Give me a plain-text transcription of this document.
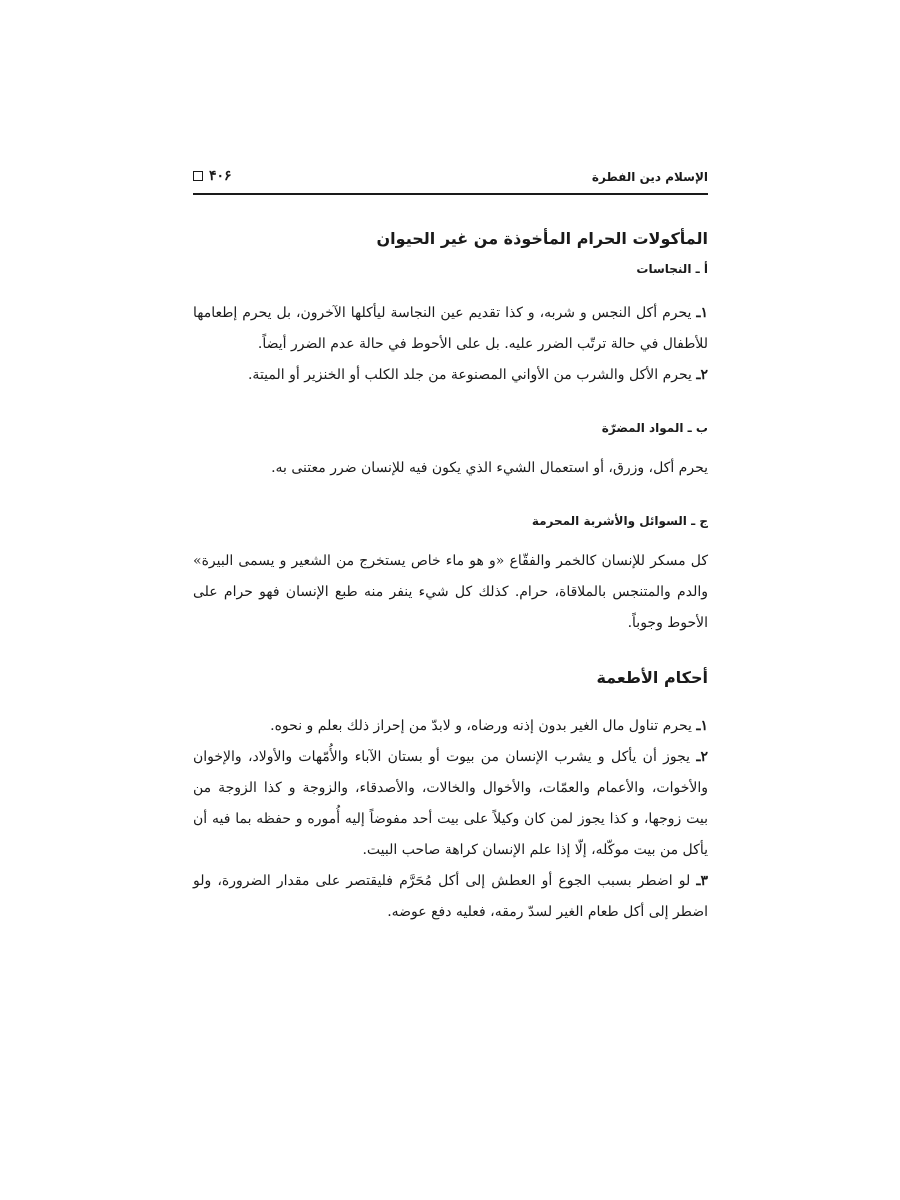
الإسلام دين الفطرة
۴۰۶
المأكولات الحرام المأخوذة من غير الحيوان
أ ـ النجاسات

١ـ يحرم أكل النجس و شربه، و كذا تقديم عين النجاسة ليأكلها الآخرون، بل يحرم إطعامها للأطفال في حالة ترتّب الضرر عليه. بل على الأحوط في حالة عدم الضرر أيضاً.

٢ـ يحرم الأكل والشرب من الأواني المصنوعة من جلد الكلب أو الخنزير أو الميتة.

ب ـ المواد المضرّة

يحرم أكل، وزرق، أو استعمال الشيء الذي يكون فيه للإنسان ضرر معتنى به.

ج ـ السوائل والأشربة المحرمة

كل مسكر للإنسان كالخمر والفقّاع «و هو ماء خاص يستخرج من الشعير و يسمى البيرة» والدم والمتنجس بالملاقاة، حرام. كذلك كل شيء ينفر منه طبع الإنسان فهو حرام على الأحوط وجوباً.

أحكام الأطعمة

١ـ يحرم تناول مال الغير بدون إذنه ورضاه، و لابدّ من إحراز ذلك بعلم و نحوه.

٢ـ يجوز أن يأكل و يشرب الإنسان من بيوت أو بستان الآباء والأُمّهات والأولاد، والإخوان والأخوات، والأعمام والعمّات، والأخوال والخالات، والأصدقاء، والزوجة و كذا الزوجة من بيت زوجها، و كذا يجوز لمن كان وكيلاً على بيت أحد مفوضاً إليه أُموره و حفظه بما فيه أن يأكل من بيت موكّله، إلّا إذا علم الإنسان كراهة صاحب البيت.

٣ـ لو اضطر بسبب الجوع أو العطش إلى أكل مُحَرَّم فليقتصر على مقدار الضرورة، ولو اضطر إلى أكل طعام الغير لسدّ رمقه، فعليه دفع عوضه.
